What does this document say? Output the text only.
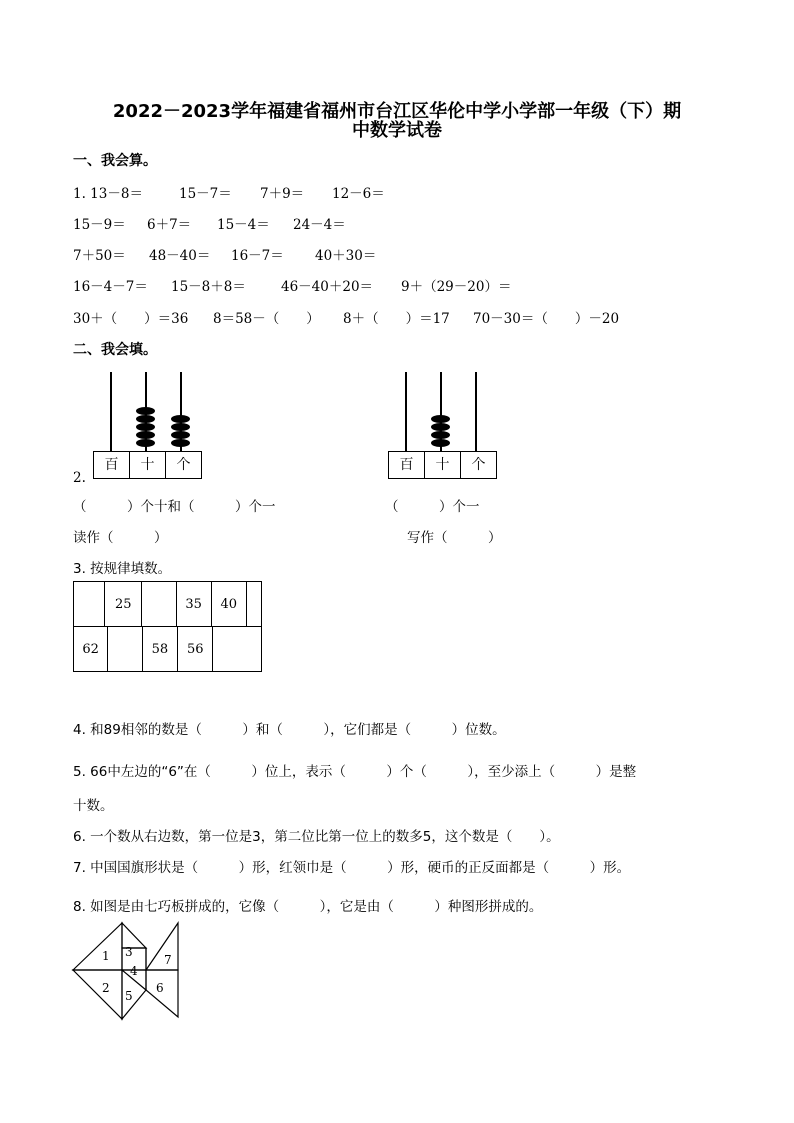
2022－2023学年福建省福州市台江区华伦中学小学部一年级（下）期
中数学试卷
一、我会算。
1. 13－8＝	15－7＝ 7＋9＝ 12－6＝
15－9＝ 6＋7＝ 15－4＝ 24－4＝
7＋50＝ 48－40＝ 16－7＝ 40＋30＝
16－4－7＝ 15－8＋8＝	46－40＋20＝ 9＋（29－20）＝
30＋（　　）＝36 8＝58－（　　） 8＋（　　）＝17 70－30＝（　　）－20
二、我会填。
百	十	个	百	十	个
2.
（　　　）个十和（　　　）个一
读作（　　　）
（　　　）个一
写作（　　　）
3. 按规律填数。
	25		35	40	
62		58	56	
4. 和89相邻的数是（　　　）和（　　　），它们都是（　　　）位数。
5. 66中左边的“6”在（　　　）位上，表示（　　　）个（　　　），至少添上（　　　）是整
十数。
6. 一个数从右边数，第一位是3，第二位比第一位上的数多5，这个数是（　　）。
7. 中国国旗形状是（　　　）形，红领巾是（　　　）形，硬币的正反面都是（　　　）形。
8. 如图是由七巧板拼成的，它像（　　　），它是由（　　　）种图形拼成的。
1
2
3
4
5
6
7
